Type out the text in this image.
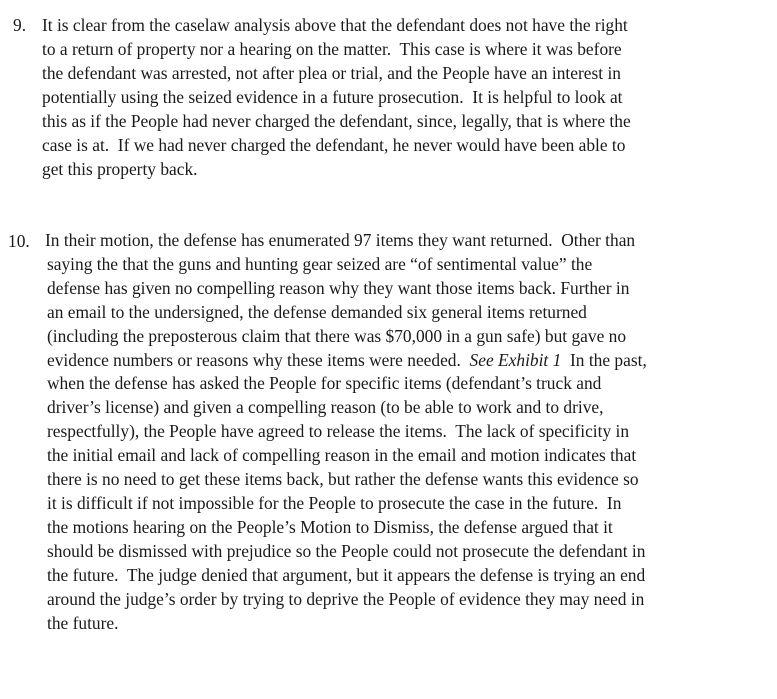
9. It is clear from the caselaw analysis above that the defendant does not have the right
to a return of property nor a hearing on the matter.  This case is where it was before
the defendant was arrested, not after plea or trial, and the People have an interest in
potentially using the seized evidence in a future prosecution.  It is helpful to look at
this as if the People had never charged the defendant, since, legally, that is where the
case is at.  If we had never charged the defendant, he never would have been able to
get this property back.
10. In their motion, the defense has enumerated 97 items they want returned.  Other than
saying the that the guns and hunting gear seized are “of sentimental value” the
defense has given no compelling reason why they want those items back. Further in
an email to the undersigned, the defense demanded six general items returned
(including the preposterous claim that there was $70,000 in a gun safe) but gave no
evidence numbers or reasons why these items were needed.  See Exhibit 1  In the past,
when the defense has asked the People for specific items (defendant’s truck and
driver’s license) and given a compelling reason (to be able to work and to drive,
respectfully), the People have agreed to release the items.  The lack of specificity in
the initial email and lack of compelling reason in the email and motion indicates that
there is no need to get these items back, but rather the defense wants this evidence so
it is difficult if not impossible for the People to prosecute the case in the future.  In
the motions hearing on the People’s Motion to Dismiss, the defense argued that it
should be dismissed with prejudice so the People could not prosecute the defendant in
the future.  The judge denied that argument, but it appears the defense is trying an end
around the judge’s order by trying to deprive the People of evidence they may need in
the future.
